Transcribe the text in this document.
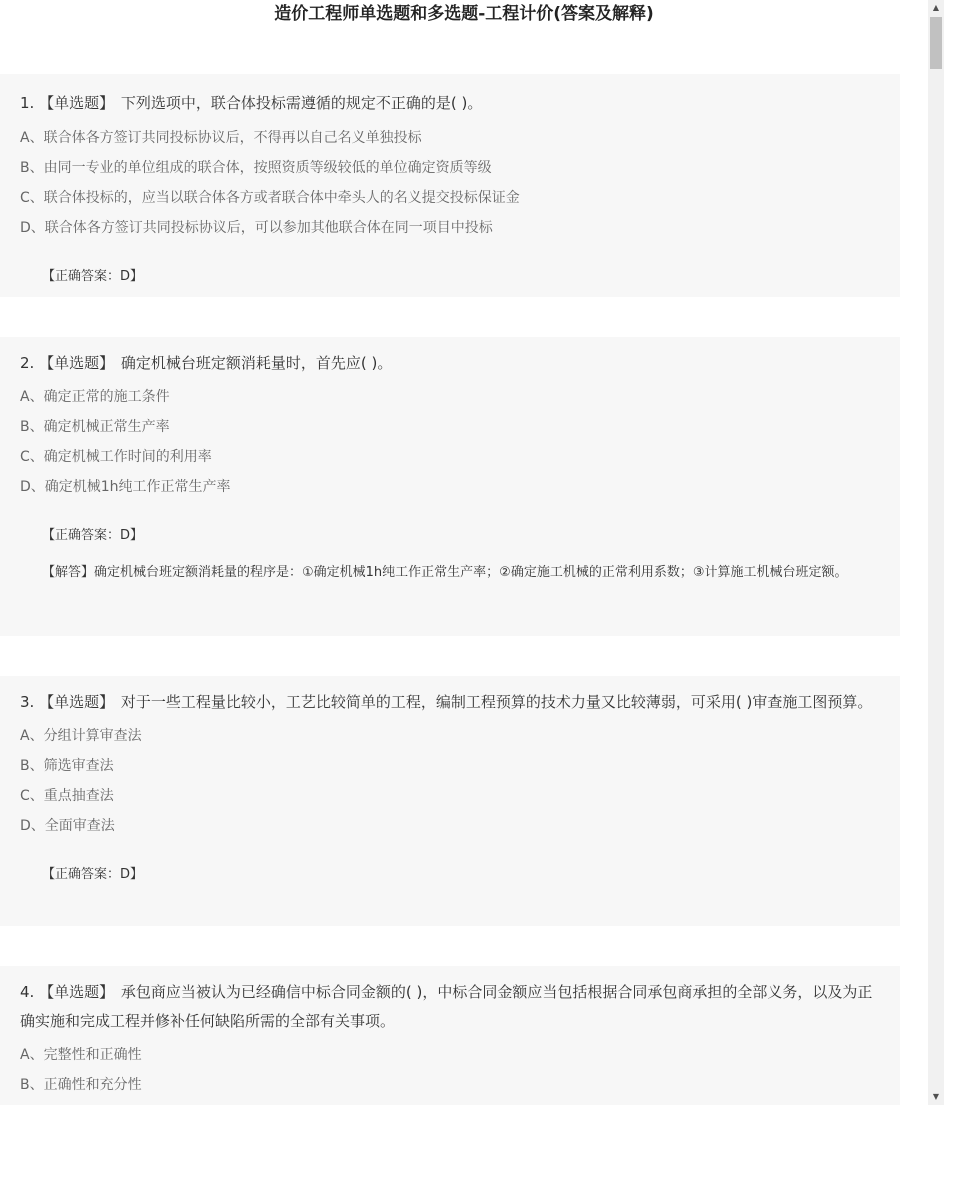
造价工程师单选题和多选题-工程计价(答案及解释)

1. 【单选题】 下列选项中，联合体投标需遵循的规定不正确的是( )。

A、联合体各方签订共同投标协议后，不得再以自己名义单独投标
B、由同一专业的单位组成的联合体，按照资质等级较低的单位确定资质等级
C、联合体投标的，应当以联合体各方或者联合体中牵头人的名义提交投标保证金
D、联合体各方签订共同投标协议后，可以参加其他联合体在同一项目中投标
【正确答案：D】

2. 【单选题】 确定机械台班定额消耗量时，首先应( )。

A、确定正常的施工条件
B、确定机械正常生产率
C、确定机械工作时间的利用率
D、确定机械1h纯工作正常生产率
【正确答案：D】
【解答】确定机械台班定额消耗量的程序是：①确定机械1h纯工作正常生产率；②确定施工机械的正常利用系数；③计算施工机械台班定额。

3. 【单选题】 对于一些工程量比较小，工艺比较简单的工程，编制工程预算的技术力量又比较薄弱，可采用( )审查施工图预算。

A、分组计算审查法
B、筛选审查法
C、重点抽查法
D、全面审查法
【正确答案：D】

4. 【单选题】 承包商应当被认为已经确信中标合同金额的( )，中标合同金额应当包括根据合同承包商承担的全部义务，以及为正确实施和完成工程并修补任何缺陷所需的全部有关事项。

A、完整性和正确性
B、正确性和充分性
▲
▼
